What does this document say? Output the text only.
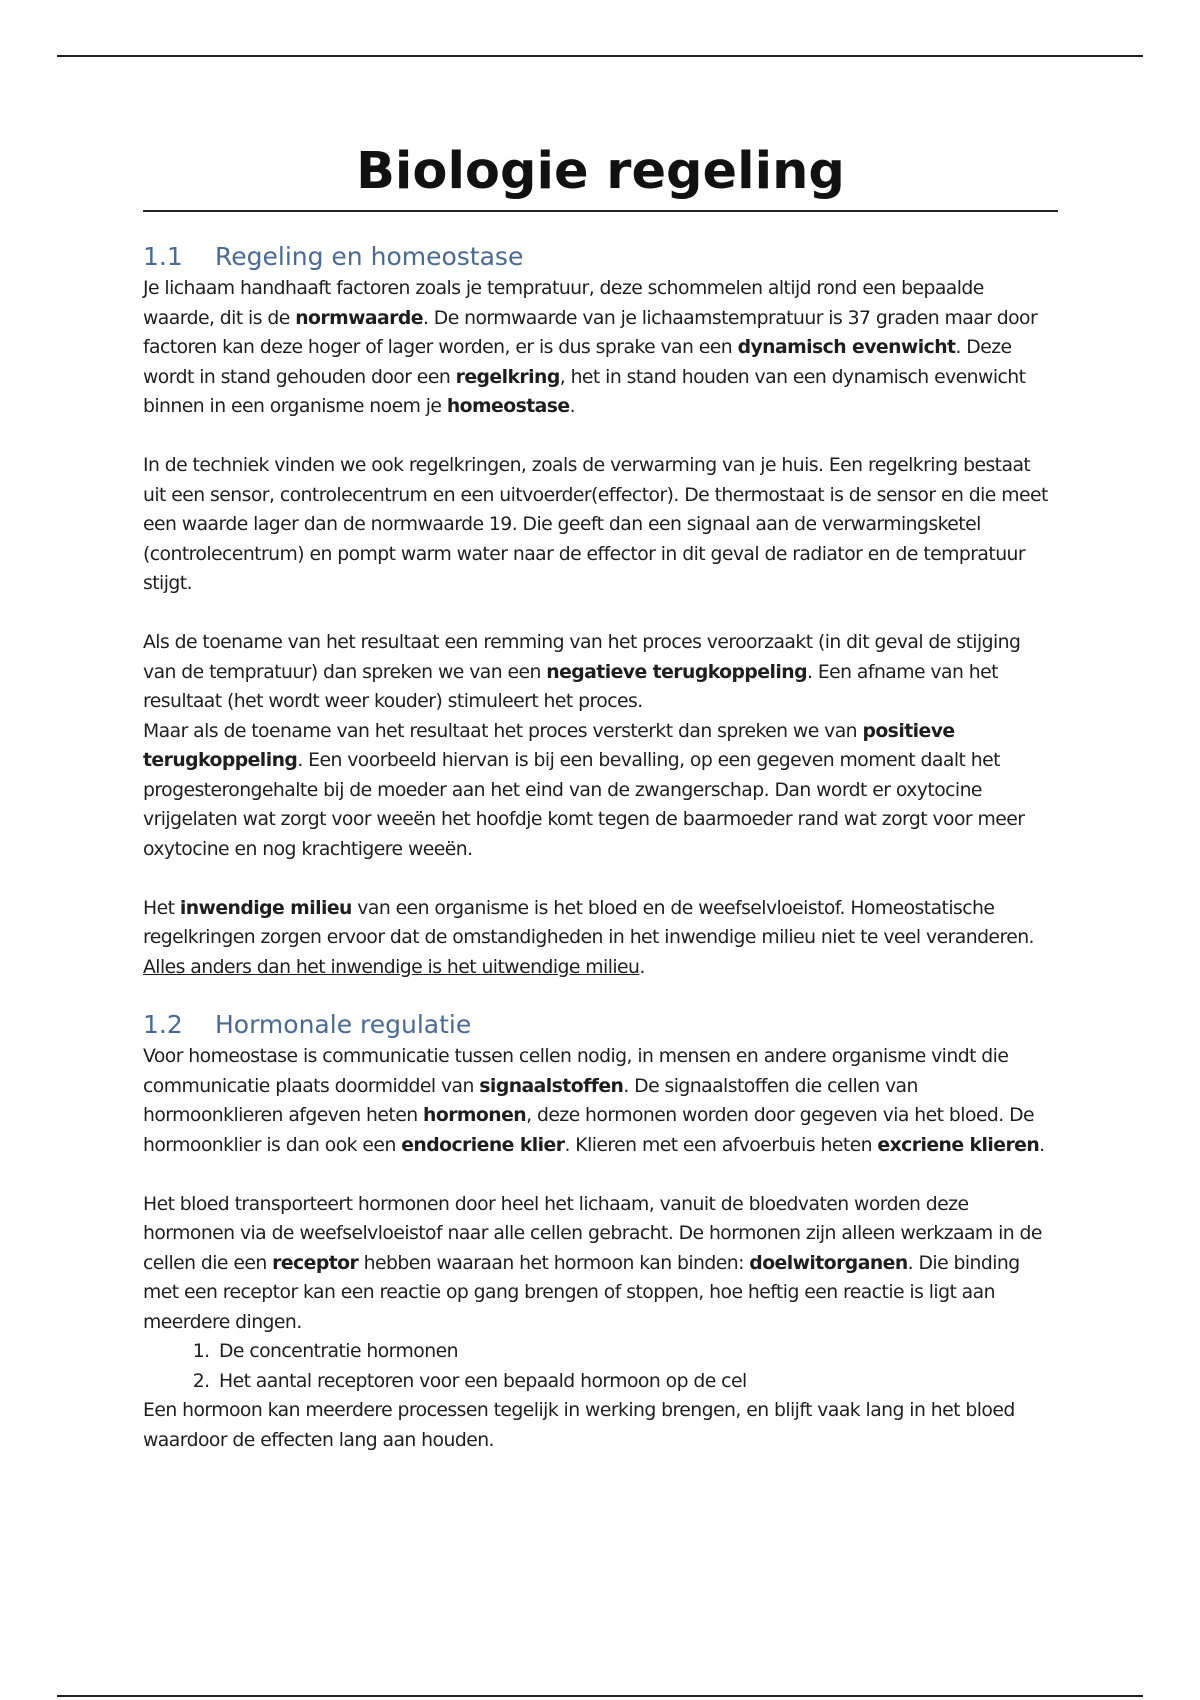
Biologie regeling
1.1 Regeling en homeostase

Je lichaam handhaaft factoren zoals je tempratuur, deze schommelen altijd rond een bepaalde waarde, dit is de normwaarde. De normwaarde van je lichaamstempratuur is 37 graden maar door factoren kan deze hoger of lager worden, er is dus sprake van een dynamisch evenwicht. Deze wordt in stand gehouden door een regelkring, het in stand houden van een dynamisch evenwicht binnen in een organisme noem je homeostase.

In de techniek vinden we ook regelkringen, zoals de verwarming van je huis. Een regelkring bestaat uit een sensor, controlecentrum en een uitvoerder(effector). De thermostaat is de sensor en die meet een waarde lager dan de normwaarde 19. Die geeft dan een signaal aan de verwarmingsketel (controlecentrum) en pompt warm water naar de effector in dit geval de radiator en de tempratuur stijgt.

Als de toename van het resultaat een remming van het proces veroorzaakt (in dit geval de stijging van de tempratuur) dan spreken we van een negatieve terugkoppeling. Een afname van het resultaat (het wordt weer kouder) stimuleert het proces.

Maar als de toename van het resultaat het proces versterkt dan spreken we van positieve terugkoppeling. Een voorbeeld hiervan is bij een bevalling, op een gegeven moment daalt het progesterongehalte bij de moeder aan het eind van de zwangerschap. Dan wordt er oxytocine vrijgelaten wat zorgt voor weeën het hoofdje komt tegen de baarmoeder rand wat zorgt voor meer oxytocine en nog krachtigere weeën.

Het inwendige milieu van een organisme is het bloed en de weefselvloeistof. Homeostatische regelkringen zorgen ervoor dat de omstandigheden in het inwendige milieu niet te veel veranderen. Alles anders dan het inwendige is het uitwendige milieu.

1.2 Hormonale regulatie

Voor homeostase is communicatie tussen cellen nodig, in mensen en andere organisme vindt die communicatie plaats doormiddel van signaalstoffen. De signaalstoffen die cellen van hormoonklieren afgeven heten hormonen, deze hormonen worden door gegeven via het bloed. De hormoonklier is dan ook een endocriene klier. Klieren met een afvoerbuis heten excriene klieren.

Het bloed transporteert hormonen door heel het lichaam, vanuit de bloedvaten worden deze hormonen via de weefselvloeistof naar alle cellen gebracht. De hormonen zijn alleen werkzaam in de cellen die een receptor hebben waaraan het hormoon kan binden: doelwitorganen. Die binding met een receptor kan een reactie op gang brengen of stoppen, hoe heftig een reactie is ligt aan meerdere dingen.

1. De concentratie hormonen
2. Het aantal receptoren voor een bepaald hormoon op de cel

Een hormoon kan meerdere processen tegelijk in werking brengen, en blijft vaak lang in het bloed waardoor de effecten lang aan houden.
